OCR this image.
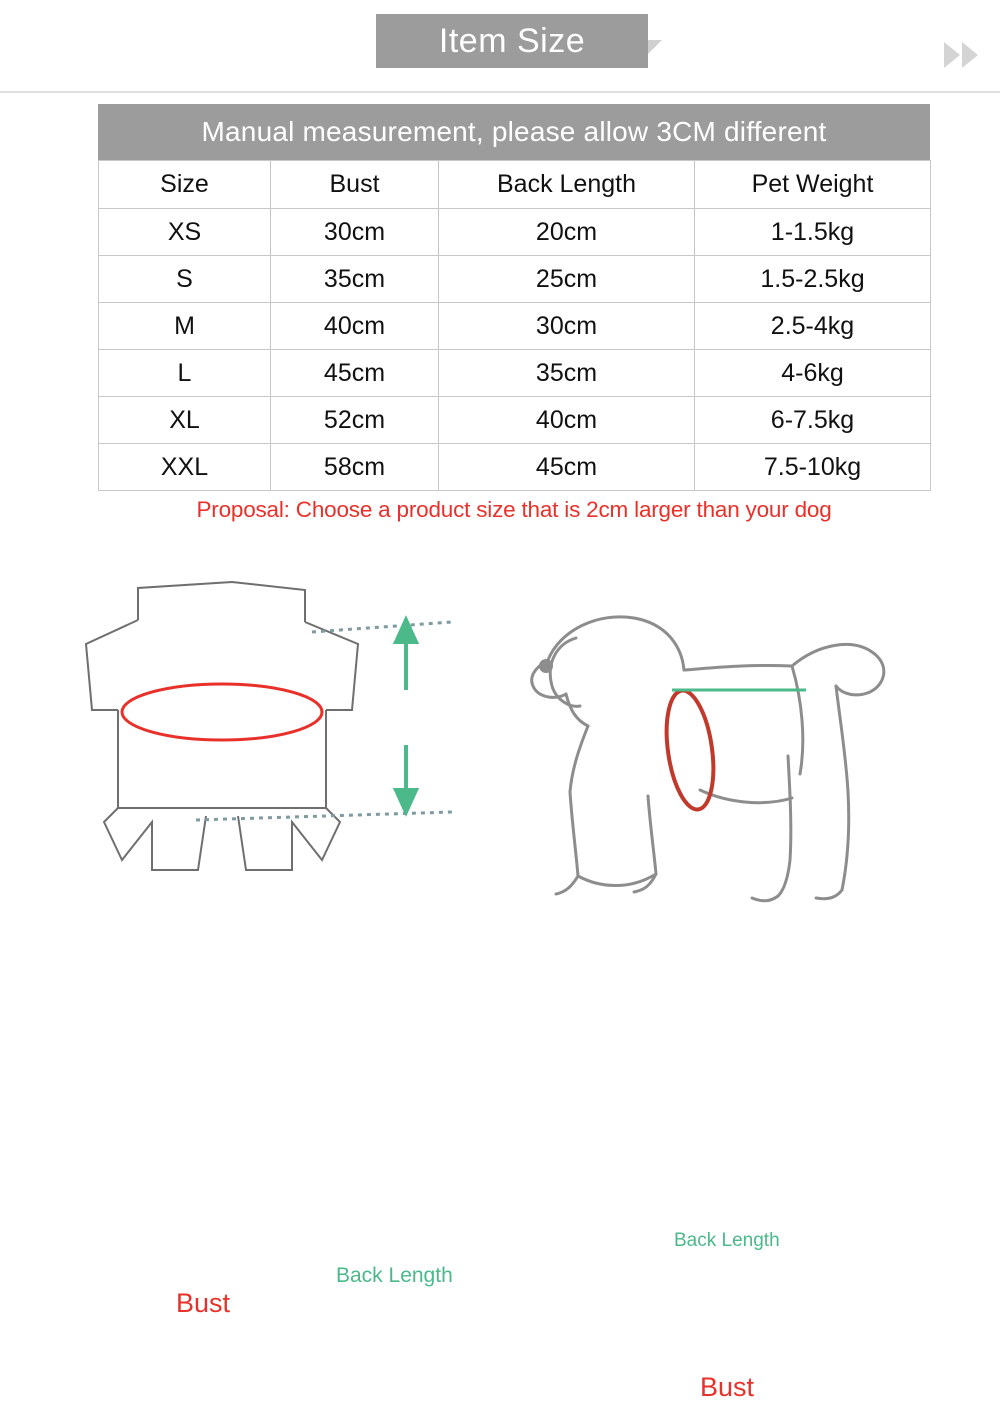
Item Size
Manual measurement, please allow 3CM different
Size	Bust	Back Length	Pet Weight
XS	30cm	20cm	1-1.5kg
S	35cm	25cm	1.5-2.5kg
M	40cm	30cm	2.5-4kg
L	45cm	35cm	4-6kg
XL	52cm	40cm	6-7.5kg
XXL	58cm	45cm	7.5-10kg
Proposal: Choose a product size that is 2cm larger than your dog
Bust
Back Length
Bust
Back Length
